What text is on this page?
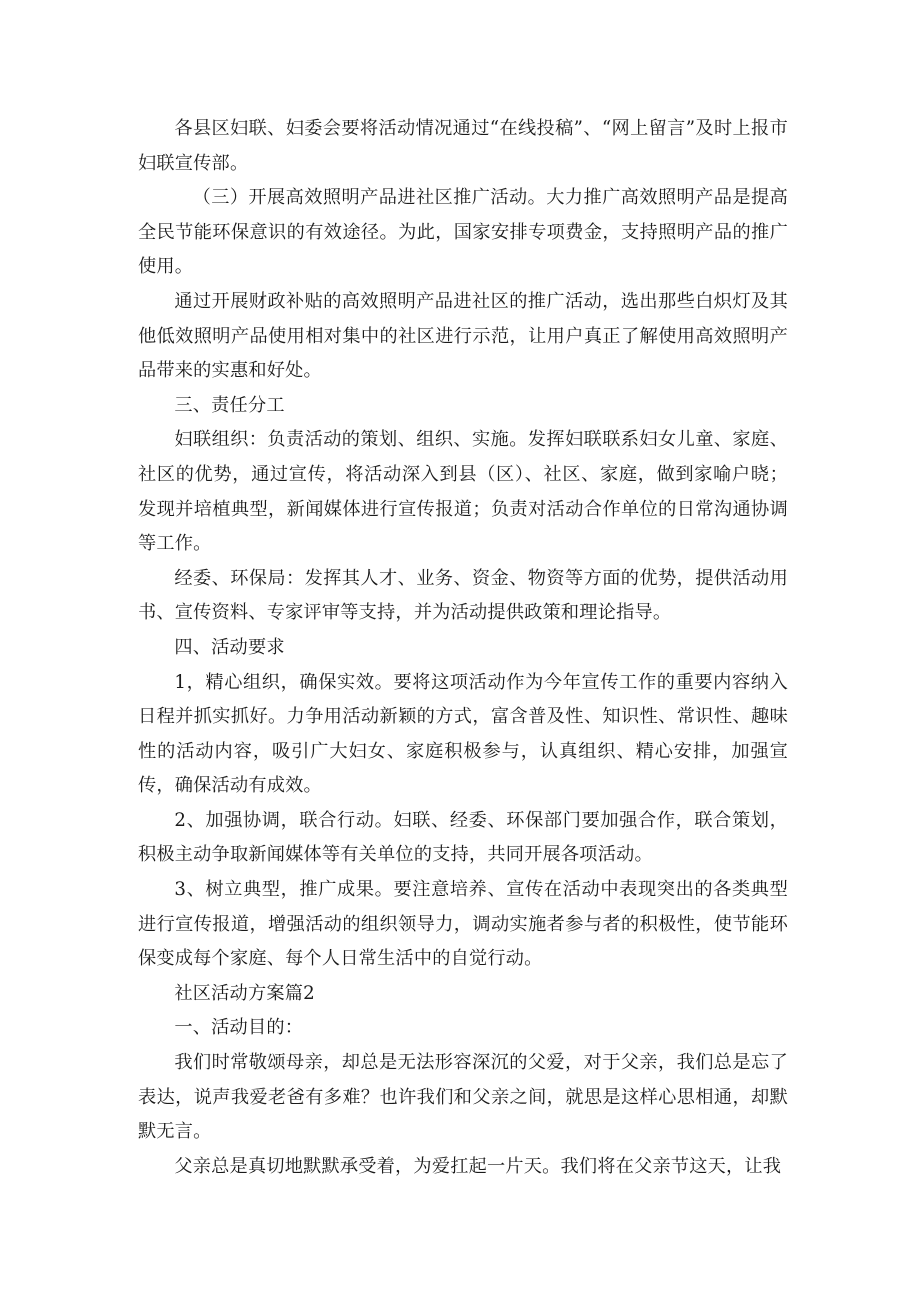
各县区妇联、妇委会要将活动情况通过“在线投稿”、“网上留言”及时上报市妇联宣传部。

（三）开展高效照明产品进社区推广活动。大力推广高效照明产品是提高全民节能环保意识的有效途径。为此，国家安排专项费金，支持照明产品的推广使用。

通过开展财政补贴的高效照明产品进社区的推广活动，选出那些白炽灯及其他低效照明产品使用相对集中的社区进行示范，让用户真正了解使用高效照明产品带来的实惠和好处。

三、责任分工

妇联组织：负责活动的策划、组织、实施。发挥妇联联系妇女儿童、家庭、社区的优势，通过宣传，将活动深入到县（区）、社区、家庭，做到家喻户晓；发现并培植典型，新闻媒体进行宣传报道；负责对活动合作单位的日常沟通协调等工作。

经委、环保局：发挥其人才、业务、资金、物资等方面的优势，提供活动用书、宣传资料、专家评审等支持，并为活动提供政策和理论指导。

四、活动要求

1，精心组织，确保实效。要将这项活动作为今年宣传工作的重要内容纳入日程并抓实抓好。力争用活动新颖的方式，富含普及性、知识性、常识性、趣味性的活动内容，吸引广大妇女、家庭积极参与，认真组织、精心安排，加强宣传，确保活动有成效。

2、加强协调，联合行动。妇联、经委、环保部门要加强合作，联合策划，积极主动争取新闻媒体等有关单位的支持，共同开展各项活动。

3、树立典型，推广成果。要注意培养、宣传在活动中表现突出的各类典型进行宣传报道，增强活动的组织领导力，调动实施者参与者的积极性，使节能环保变成每个家庭、每个人日常生活中的自觉行动。

社区活动方案篇2

一、活动目的：

我们时常敬颂母亲，却总是无法形容深沉的父爱，对于父亲，我们总是忘了表达，说声我爱老爸有多难？也许我们和父亲之间，就思是这样心思相通，却默默无言。

父亲总是真切地默默承受着，为爱扛起一片天。我们将在父亲节这天，让我
